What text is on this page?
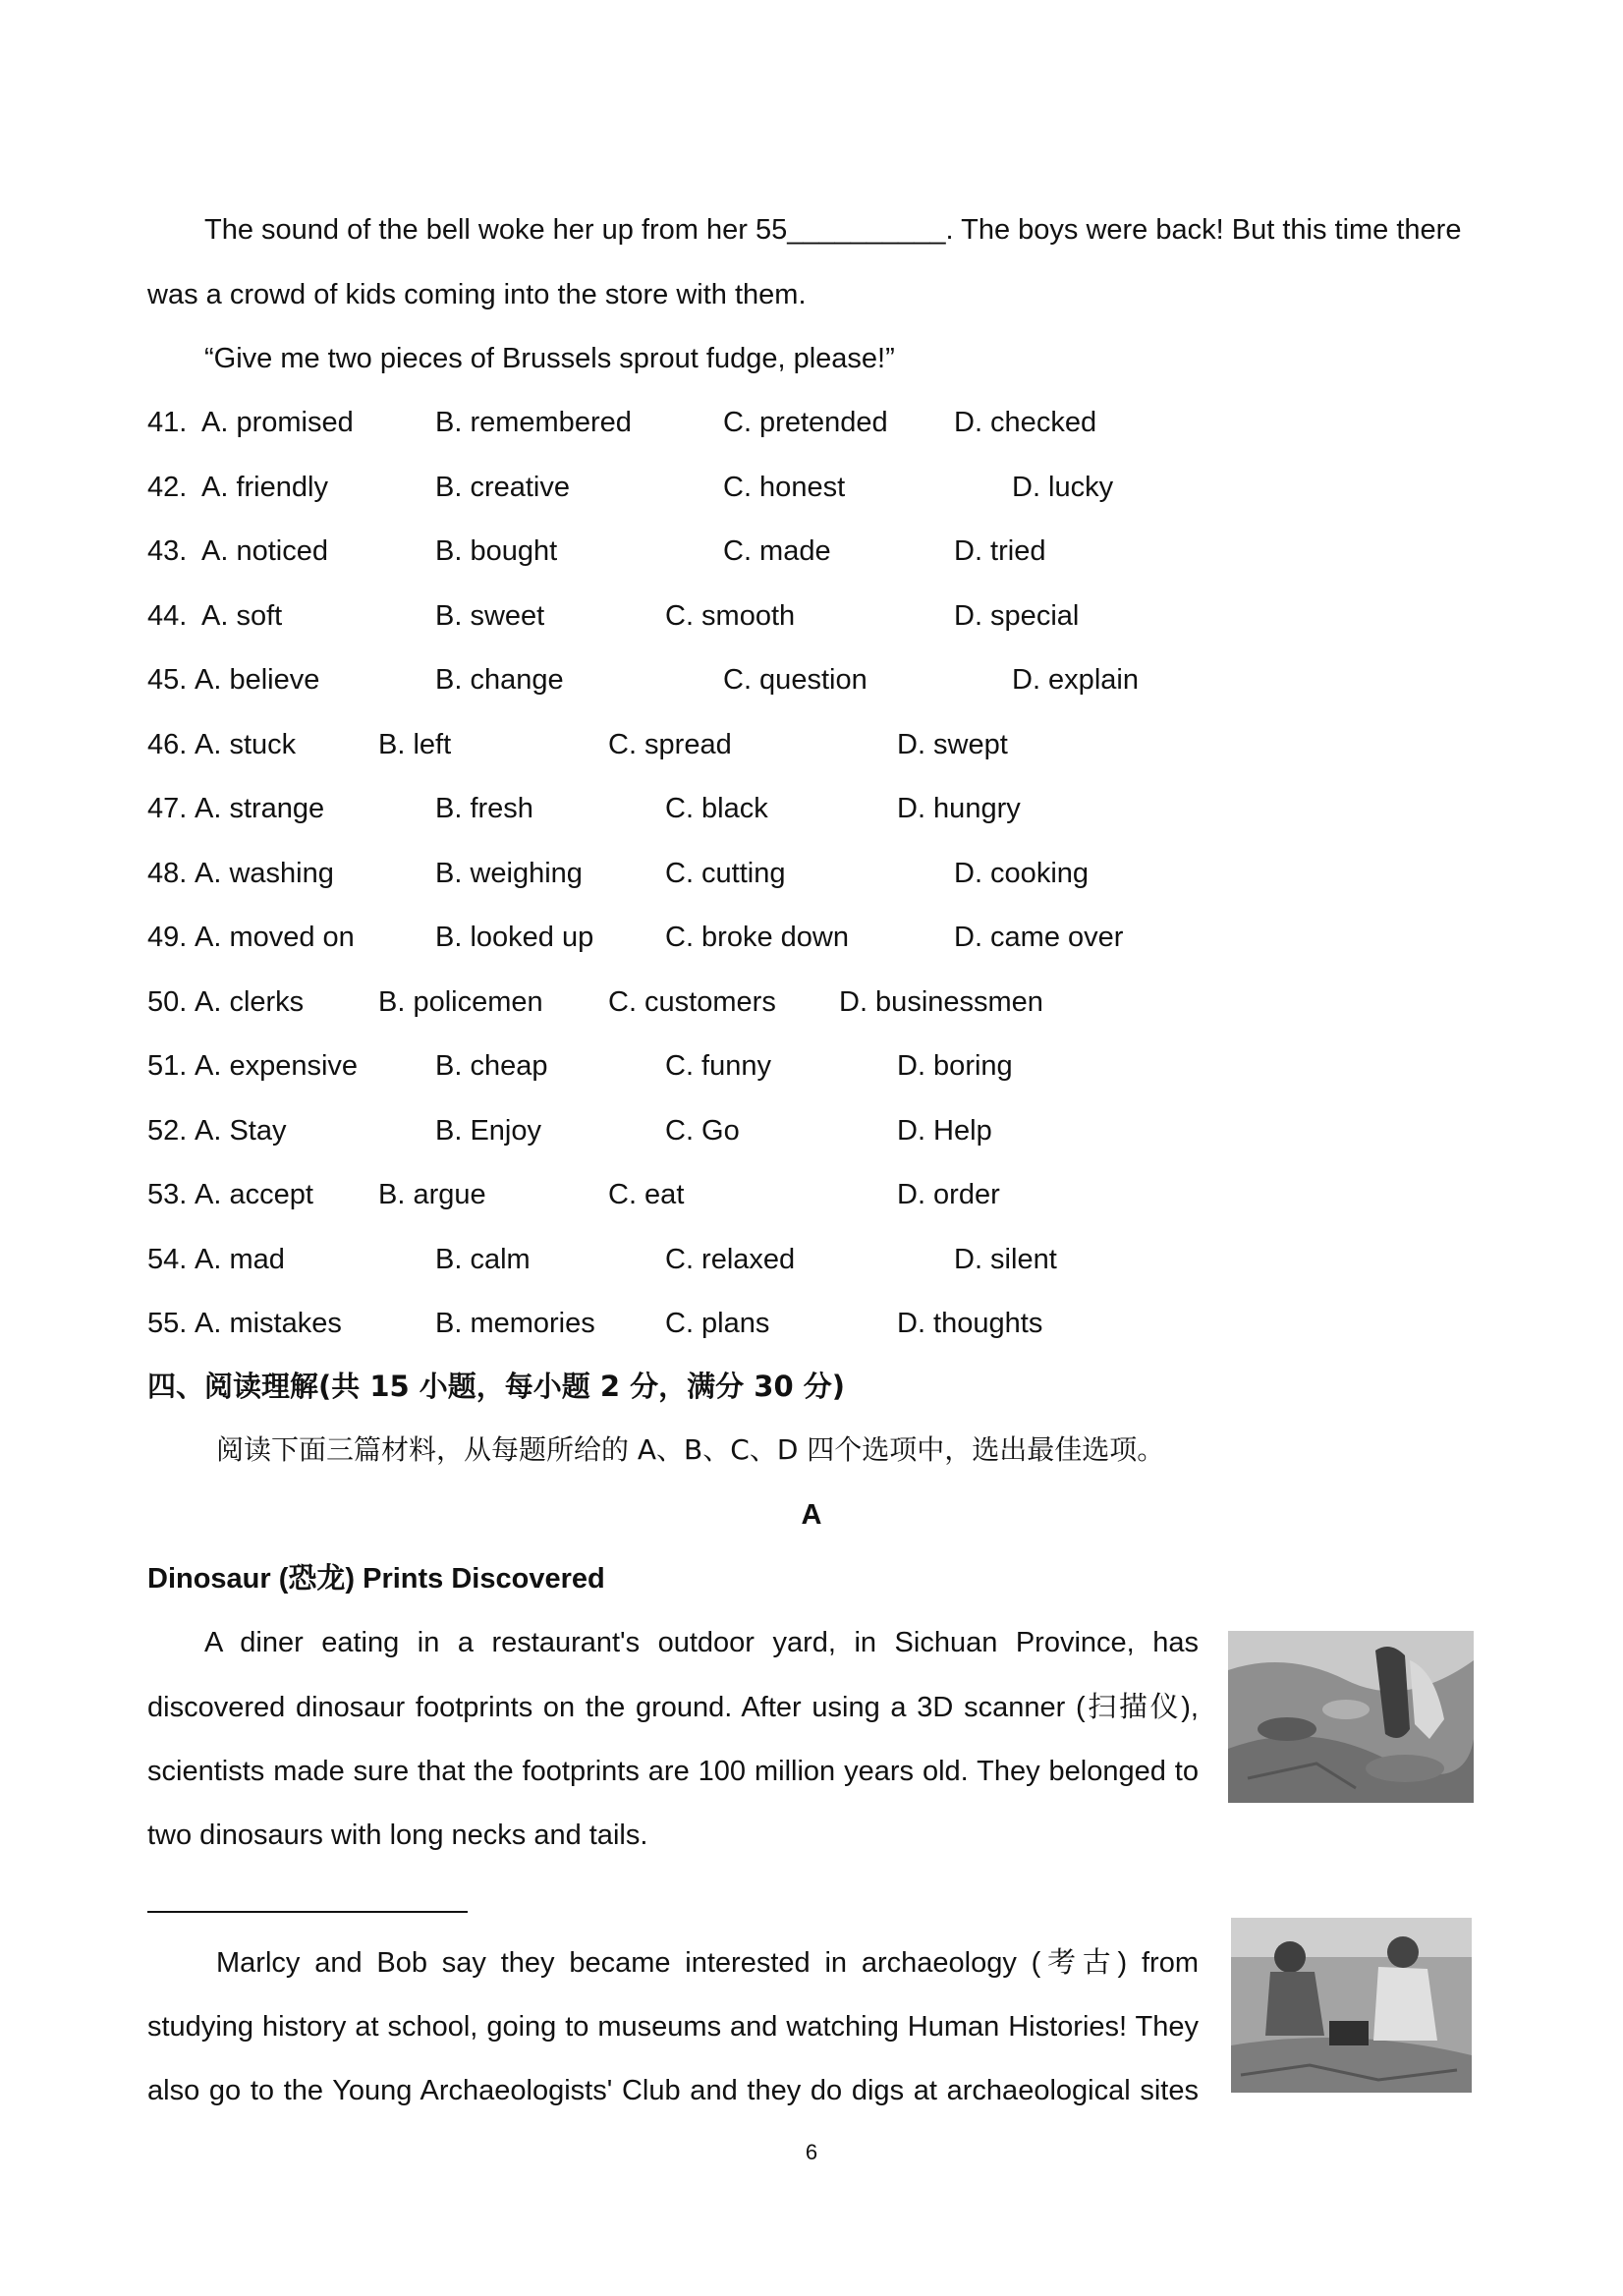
The sound of the bell woke her up from her 55__________. The boys were back! But this time there
was a crowd of kids coming into the store with them.
“Give me two pieces of Brussels sprout fudge, please!”
41. A. promised	B. remembered	C. pretended D. checked
42. A. friendly	B. creative	C. honest	D. lucky
43. A. noticed	B. bought	C. made	D. tried
44. A. soft	B. sweet	C. smooth	D. special
45. A. believe	B. change	C. question	D. explain
46. A. stuck	B. left	C. spread	D. swept
47. A. strange	B. fresh	C. black	D. hungry
48. A. washing	B. weighing	C. cutting	D. cooking
49. A. moved on	B. looked up	C. broke down	D. came over
50. A. clerks	B. policemen C. customers D. businessmen
51. A. expensive	B. cheap	C. funny	D. boring
52. A. Stay	B. Enjoy	C. Go	D. Help
53. A. accept B. argue	C. eat	D. order
54. A. mad	B. calm	C. relaxed	D. silent
55. A. mistakes	B. memories C. plans	D. thoughts
四、阅读理解(共 15 小题，每小题 2 分，满分 30 分)
阅读下面三篇材料，从每题所给的 A、B、C、D 四个选项中，选出最佳选项。
A
Dinosaur (恐龙) Prints Discovered
A diner eating in a restaurant's outdoor yard, in Sichuan Province, has
discovered dinosaur footprints on the ground. After using a 3D scanner (扫描仪),
scientists made sure that the footprints are 100 million years old. They belonged to
two dinosaurs with long necks and tails.
Marlcy and Bob say they became interested in archaeology (考古) from
studying history at school, going to museums and watching Human Histories! They
also go to the Young Archaeologists' Club and they do digs at archaeological sites
6
